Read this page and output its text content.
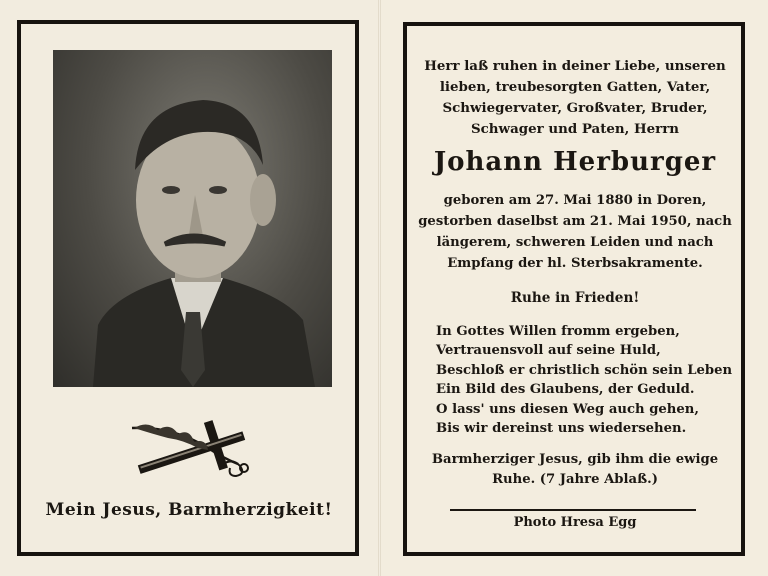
Mein Jesus, Barmherzigkeit!
Herr laß ruhen in deiner Liebe, unseren
lieben, treubesorgten Gatten, Vater,
Schwiegervater, Großvater, Bruder,
Schwager und Paten, Herrn
Johann Herburger
geboren am 27. Mai 1880 in Doren,
gestorben daselbst am 21. Mai 1950, nach
längerem, schweren Leiden und nach
Empfang der hl. Sterbsakramente.
Ruhe in Frieden!
In Gottes Willen fromm ergeben,
Vertrauensvoll auf seine Huld,
Beschloß er christlich schön sein Leben
Ein Bild des Glaubens, der Geduld.
O lass' uns diesen Weg auch gehen,
Bis wir dereinst uns wiedersehen.
Barmherziger Jesus, gib ihm die ewige
Ruhe. (7 Jahre Ablaß.)
Photo Hresa Egg
